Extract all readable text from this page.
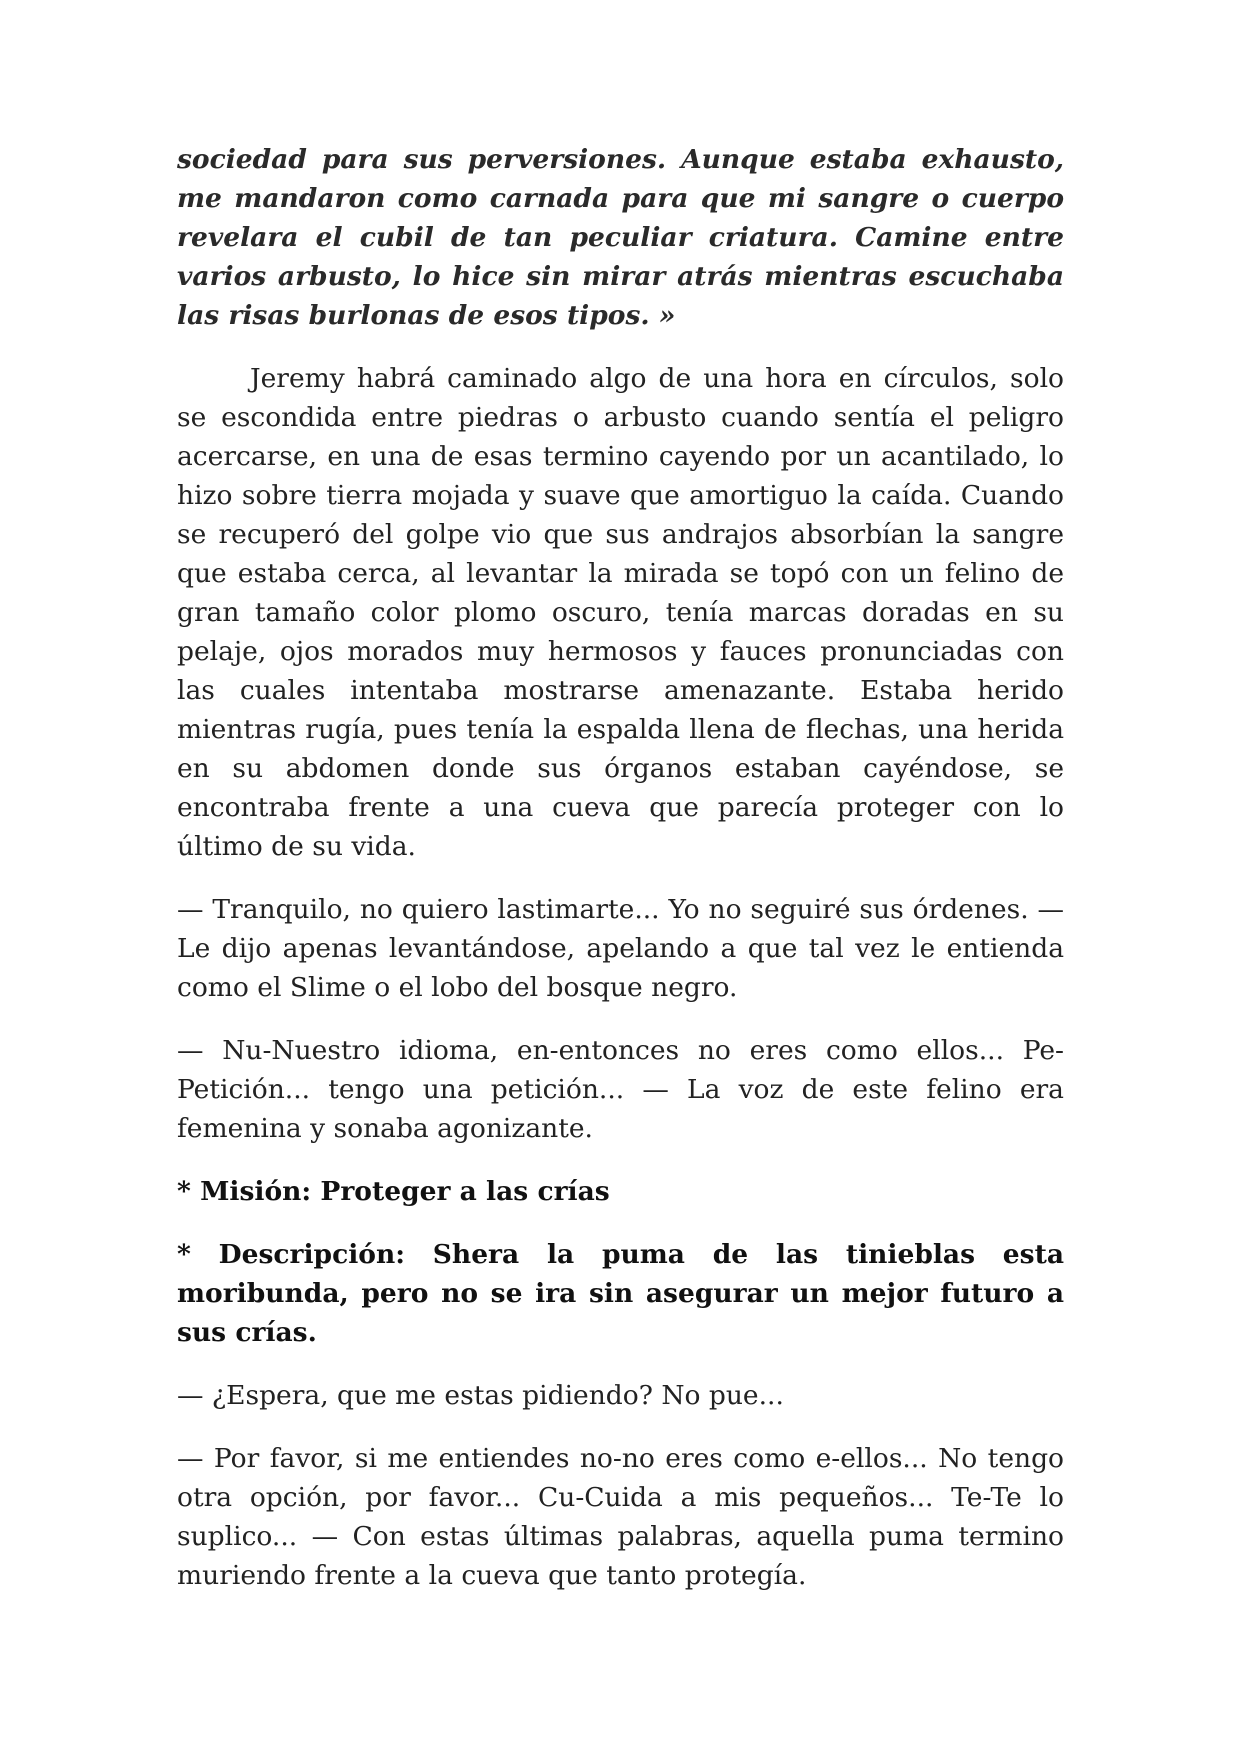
sociedad para sus perversiones. Aunque estaba exhausto, me mandaron como carnada para que mi sangre o cuerpo revelara el cubil de tan peculiar criatura. Camine entre varios arbusto, lo hice sin mirar atrás mientras escuchaba las risas burlonas de esos tipos. »

Jeremy habrá caminado algo de una hora en círculos, solo se escondida entre piedras o arbusto cuando sentía el peligro acercarse, en una de esas termino cayendo por un acantilado, lo hizo sobre tierra mojada y suave que amortiguo la caída. Cuando se recuperó del golpe vio que sus andrajos absorbían la sangre que estaba cerca, al levantar la mirada se topó con un felino de gran tamaño color plomo oscuro, tenía marcas doradas en su pelaje, ojos morados muy hermosos y fauces pronunciadas con las cuales intentaba mostrarse amenazante. Estaba herido mientras rugía, pues tenía la espalda llena de flechas, una herida en su abdomen donde sus órganos estaban cayéndose, se encontraba frente a una cueva que parecía proteger con lo último de su vida.

— Tranquilo, no quiero lastimarte... Yo no seguiré sus órdenes. — Le dijo apenas levantándose, apelando a que tal vez le entienda como el Slime o el lobo del bosque negro.

— Nu-Nuestro idioma, en-entonces no eres como ellos... Pe-Petición... tengo una petición... — La voz de este felino era femenina y sonaba agonizante.

* Misión: Proteger a las crías

* Descripción: Shera la puma de las tinieblas esta moribunda, pero no se ira sin asegurar un mejor futuro a sus crías.

— ¿Espera, que me estas pidiendo? No pue...

— Por favor, si me entiendes no-no eres como e-ellos... No tengo otra opción, por favor... Cu-Cuida a mis pequeños... Te-Te lo suplico... — Con estas últimas palabras, aquella puma termino muriendo frente a la cueva que tanto protegía.
